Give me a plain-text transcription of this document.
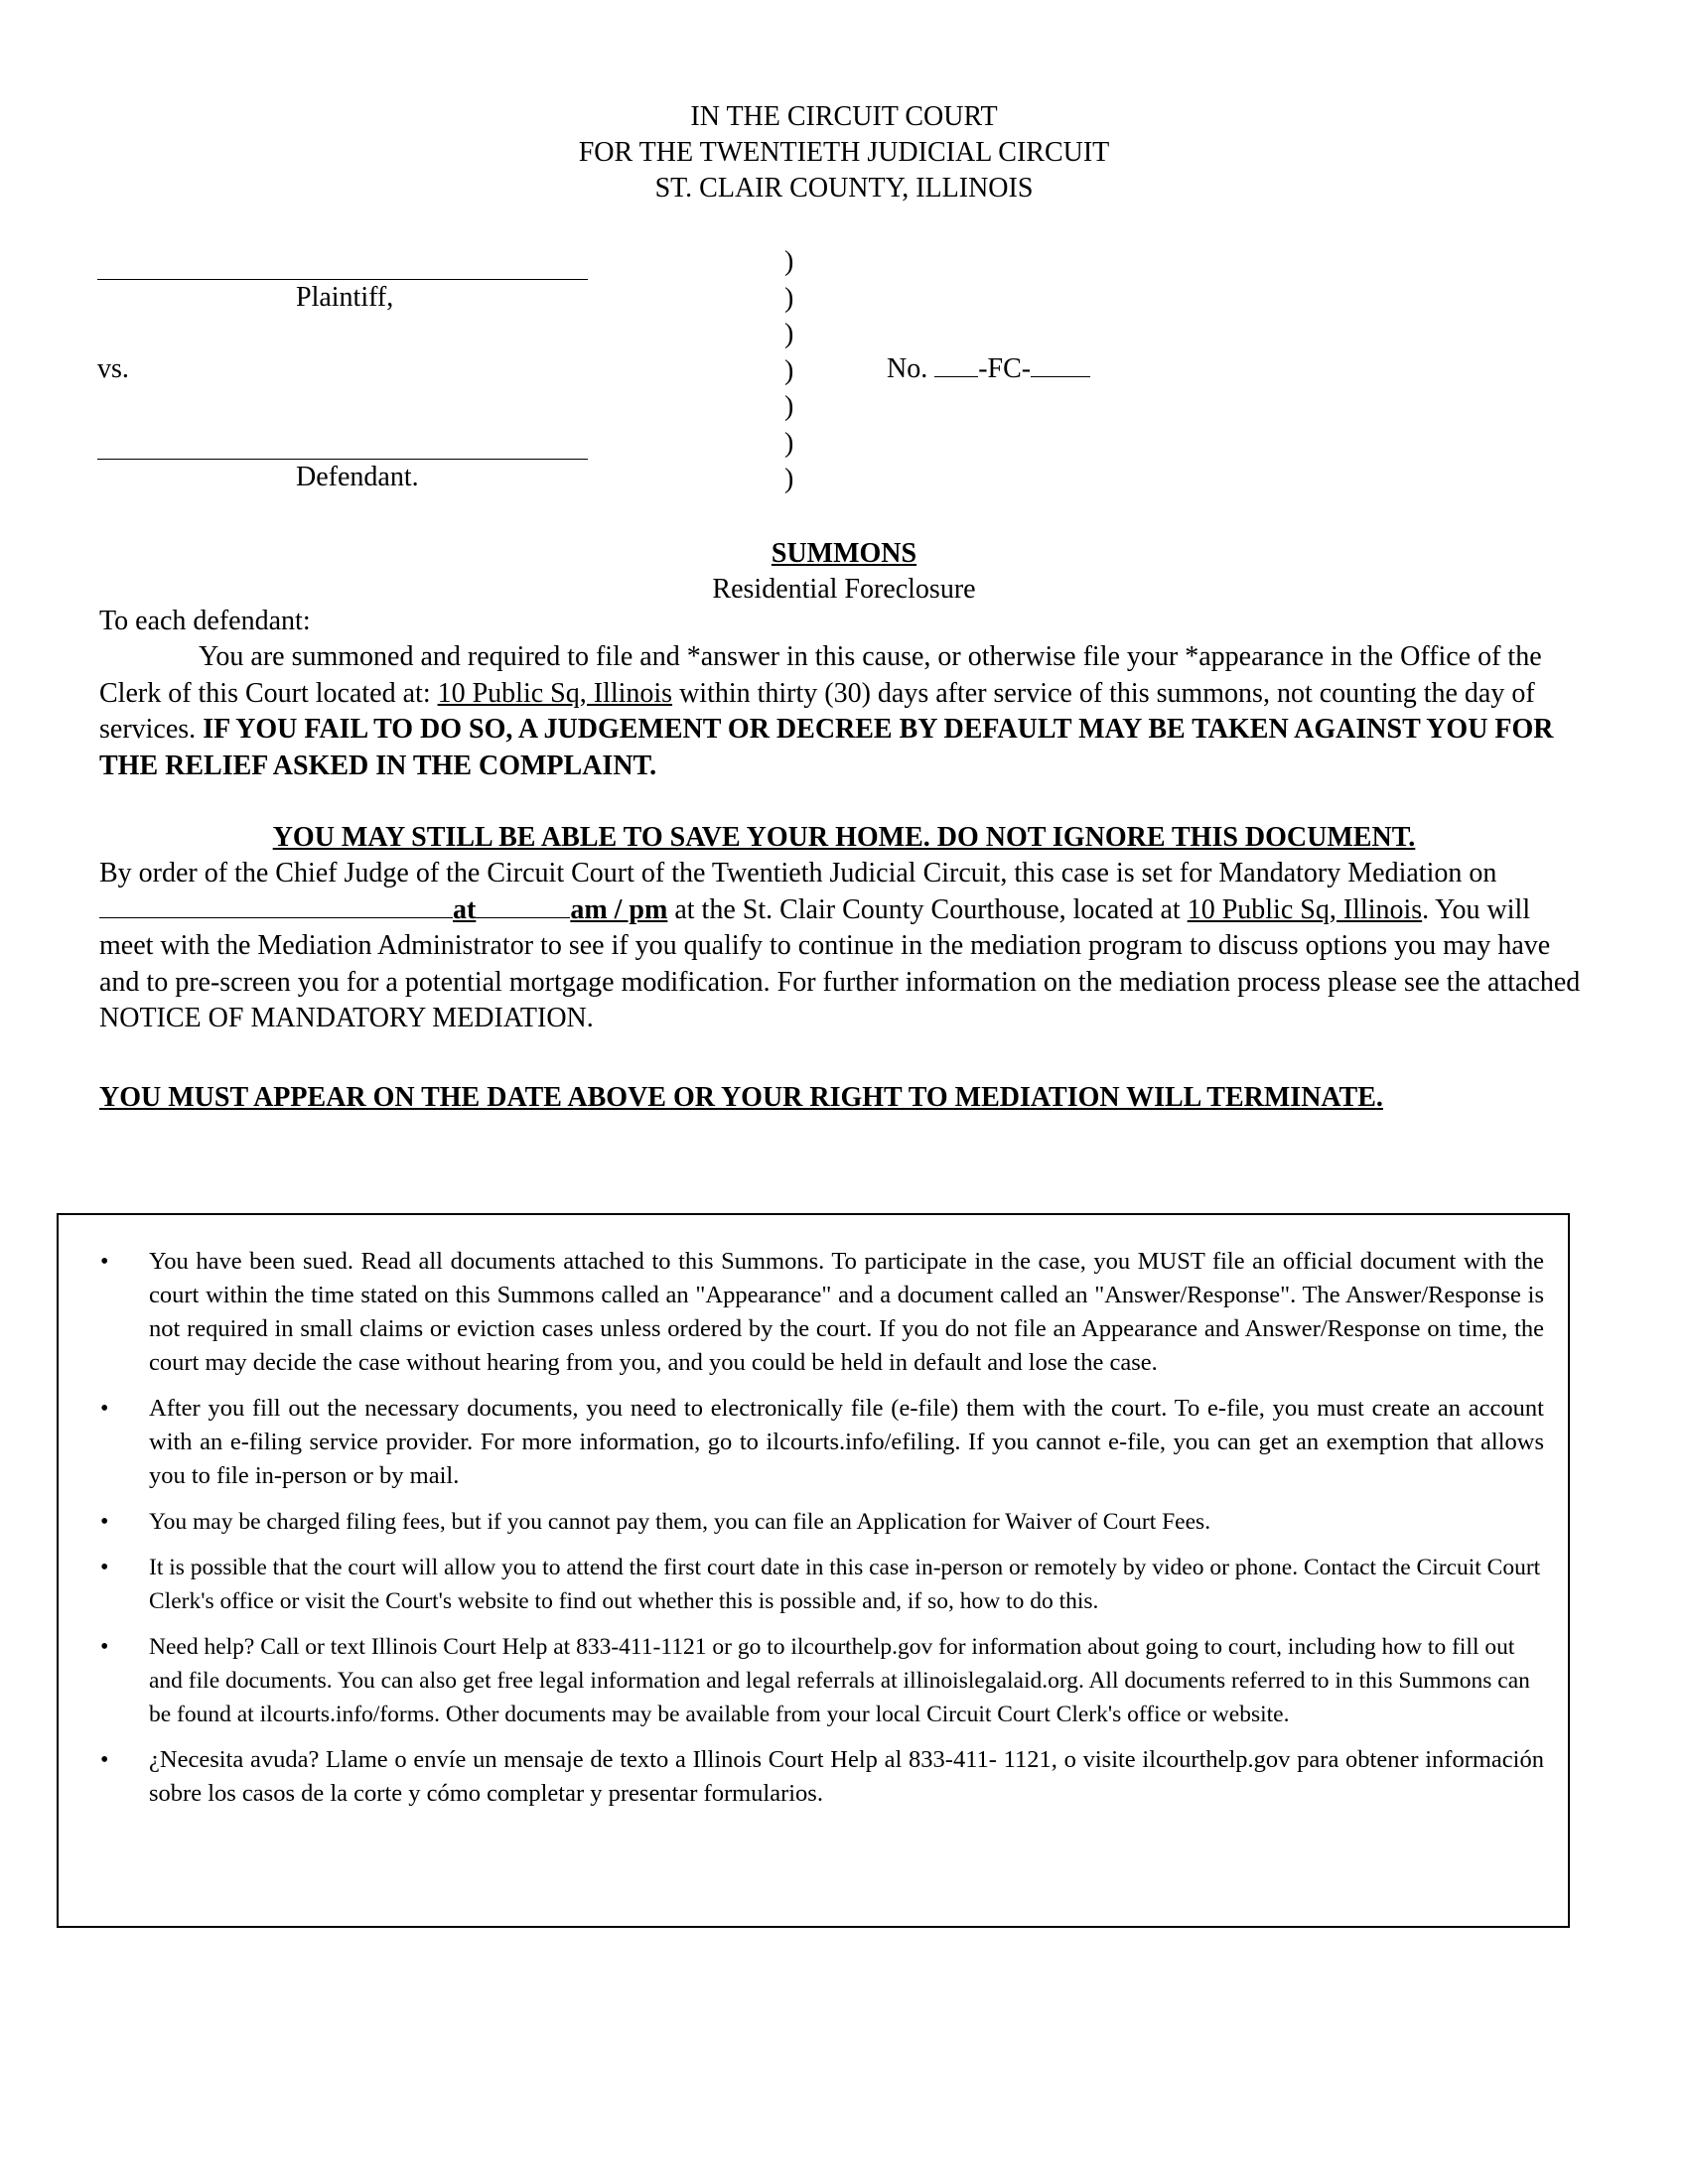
IN THE CIRCUIT COURT
FOR THE TWENTIETH JUDICIAL CIRCUIT
ST. CLAIR COUNTY, ILLINOIS
Plaintiff,
vs.
Defendant.
)
)
)
)
)
)
)
No. -FC-
SUMMONS
Residential Foreclosure
To each defendant:
You are summoned and required to file and *answer in this cause, or otherwise file your *appearance in the Office of the Clerk of this Court located at: 10 Public Sq, Illinois within thirty (30) days after service of this summons, not counting the day of services. IF YOU FAIL TO DO SO, A JUDGEMENT OR DECREE BY DEFAULT MAY BE TAKEN AGAINST YOU FOR THE RELIEF ASKED IN THE COMPLAINT.
YOU MAY STILL BE ABLE TO SAVE YOUR HOME. DO NOT IGNORE THIS DOCUMENT.
By order of the Chief Judge of the Circuit Court of the Twentieth Judicial Circuit, this case is set for Mandatory Mediation on at	am / pm at the St. Clair County Courthouse, located at 10 Public Sq, Illinois. You will meet with the Mediation Administrator to see if you qualify to continue in the mediation program to discuss options you may have and to pre-screen you for a potential mortgage modification. For further information on the mediation process please see the attached NOTICE OF MANDATORY MEDIATION.
YOU MUST APPEAR ON THE DATE ABOVE OR YOUR RIGHT TO MEDIATION WILL TERMINATE.
• You have been sued. Read all documents attached to this Summons. To participate in the case, you MUST file an official document with the court within the time stated on this Summons called an "Appearance" and a document called an "Answer/Response". The Answer/Response is not required in small claims or eviction cases unless ordered by the court. If you do not file an Appearance and Answer/Response on time, the court may decide the case without hearing from you, and you could be held in default and lose the case.
• After you fill out the necessary documents, you need to electronically file (e-file) them with the court. To e-file, you must create an account with an e-filing service provider. For more information, go to ilcourts.info/efiling. If you cannot e-file, you can get an exemption that allows you to file in-person or by mail.
• You may be charged filing fees, but if you cannot pay them, you can file an Application for Waiver of Court Fees.
• It is possible that the court will allow you to attend the first court date in this case in-person or remotely by video or phone. Contact the Circuit Court Clerk's office or visit the Court's website to find out whether this is possible and, if so, how to do this.
• Need help? Call or text Illinois Court Help at 833-411-1121 or go to ilcourthelp.gov for information about going to court, including how to fill out and file documents. You can also get free legal information and legal referrals at illinoislegalaid.org. All documents referred to in this Summons can be found at ilcourts.info/forms. Other documents may be available from your local Circuit Court Clerk's office or website.
• ¿Necesita avuda? Llame o envíe un mensaje de texto a Illinois Court Help al 833-411- 1121, o visite ilcourthelp.gov para obtener información sobre los casos de la corte y cómo completar y presentar formularios.
